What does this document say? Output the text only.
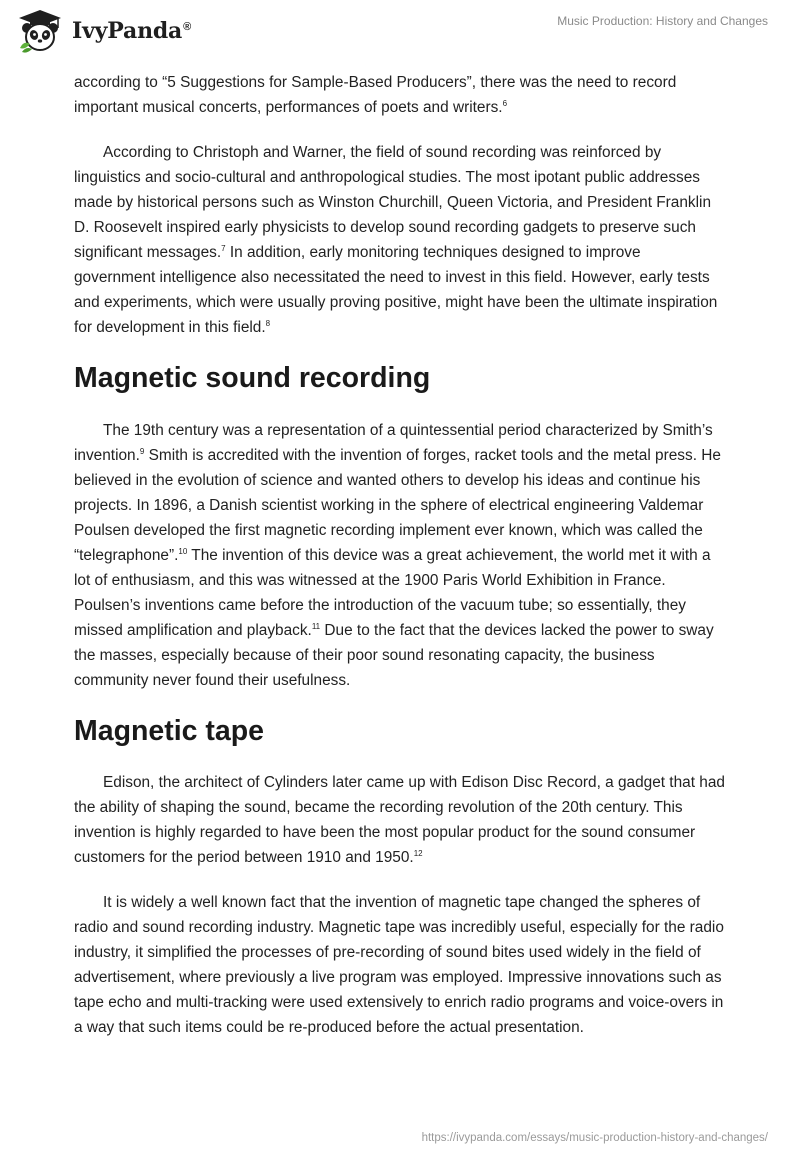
IvyPanda®	Music Production: History and Changes

according to “5 Suggestions for Sample-Based Producers”, there was the need to record important musical concerts, performances of poets and writers.$^6$

According to Christoph and Warner, the field of sound recording was reinforced by linguistics and socio-cultural and anthropological studies. The most ipotant public addresses made by historical persons such as Winston Churchill, Queen Victoria, and President Franklin D. Roosevelt inspired early physicists to develop sound recording gadgets to preserve such significant messages.$^7$ In addition, early monitoring techniques designed to improve government intelligence also necessitated the need to invest in this field. However, early tests and experiments, which were usually proving positive, might have been the ultimate inspiration for development in this field.$^8$

Magnetic sound recording

The 19th century was a representation of a quintessential period characterized by Smith’s invention.$^9$ Smith is accredited with the invention of forges, racket tools and the metal press. He believed in the evolution of science and wanted others to develop his ideas and continue his projects. In 1896, a Danish scientist working in the sphere of electrical engineering Valdemar Poulsen developed the first magnetic recording implement ever known, which was called the “telegraphone”.$^{10}$ The invention of this device was a great achievement, the world met it with a lot of enthusiasm, and this was witnessed at the 1900 Paris World Exhibition in France. Poulsen’s inventions came before the introduction of the vacuum tube; so essentially, they missed amplification and playback.$^{11}$ Due to the fact that the devices lacked the power to sway the masses, especially because of their poor sound resonating capacity, the business community never found their usefulness.

Magnetic tape

Edison, the architect of Cylinders later came up with Edison Disc Record, a gadget that had the ability of shaping the sound, became the recording revolution of the 20th century. This invention is highly regarded to have been the most popular product for the sound consumer customers for the period between 1910 and 1950.12

It is widely a well known fact that the invention of magnetic tape changed the spheres of radio and sound recording industry. Magnetic tape was incredibly useful, especially for the radio industry, it simplified the processes of pre-recording of sound bites used widely in the field of advertisement, where previously a live program was employed. Impressive innovations such as tape echo and multi-tracking were used extensively to enrich radio programs and voice-overs in a way that such items could be re-produced before the actual presentation.

https://ivypanda.com/essays/music-production-history-and-changes/
